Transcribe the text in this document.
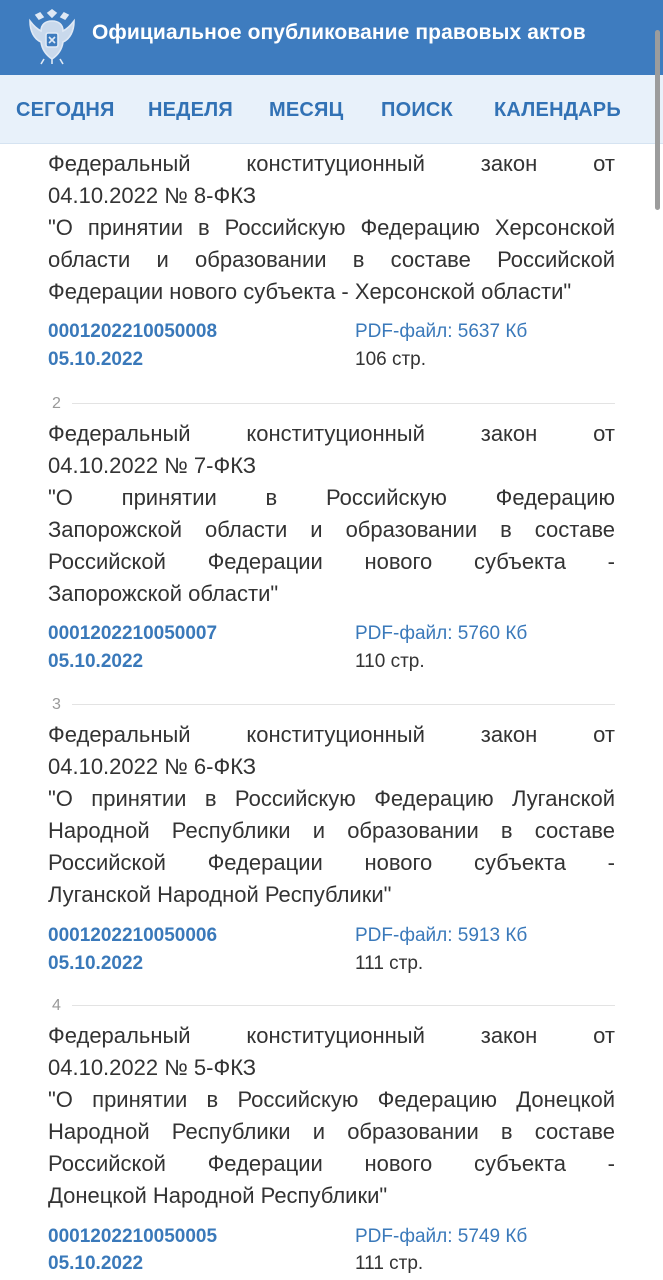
Официальное опубликование правовых актов
СЕГОДНЯ НЕДЕЛЯ МЕСЯЦ ПОИСК КАЛЕНДАРЬ
Федеральный конституционный закон от
04.10.2022 № 8-ФКЗ
"О принятии в Российскую Федерацию Херсонской
области и образовании в составе Российской
Федерации нового субъекта - Херсонской области"
0001202210050008
05.10.2022
PDF-файл: 5637 Кб
106 стр.
2
Федеральный конституционный закон от
04.10.2022 № 7-ФКЗ
"О принятии в Российскую Федерацию
Запорожской области и образовании в составе
Российской Федерации нового субъекта -
Запорожской области"
0001202210050007
05.10.2022
PDF-файл: 5760 Кб
110 стр.
3
Федеральный конституционный закон от
04.10.2022 № 6-ФКЗ
"О принятии в Российскую Федерацию Луганской
Народной Республики и образовании в составе
Российской Федерации нового субъекта -
Луганской Народной Республики"
0001202210050006
05.10.2022
PDF-файл: 5913 Кб
111 стр.
4
Федеральный конституционный закон от
04.10.2022 № 5-ФКЗ
"О принятии в Российскую Федерацию Донецкой
Народной Республики и образовании в составе
Российской Федерации нового субъекта -
Донецкой Народной Республики"
0001202210050005
05.10.2022
PDF-файл: 5749 Кб
111 стр.
